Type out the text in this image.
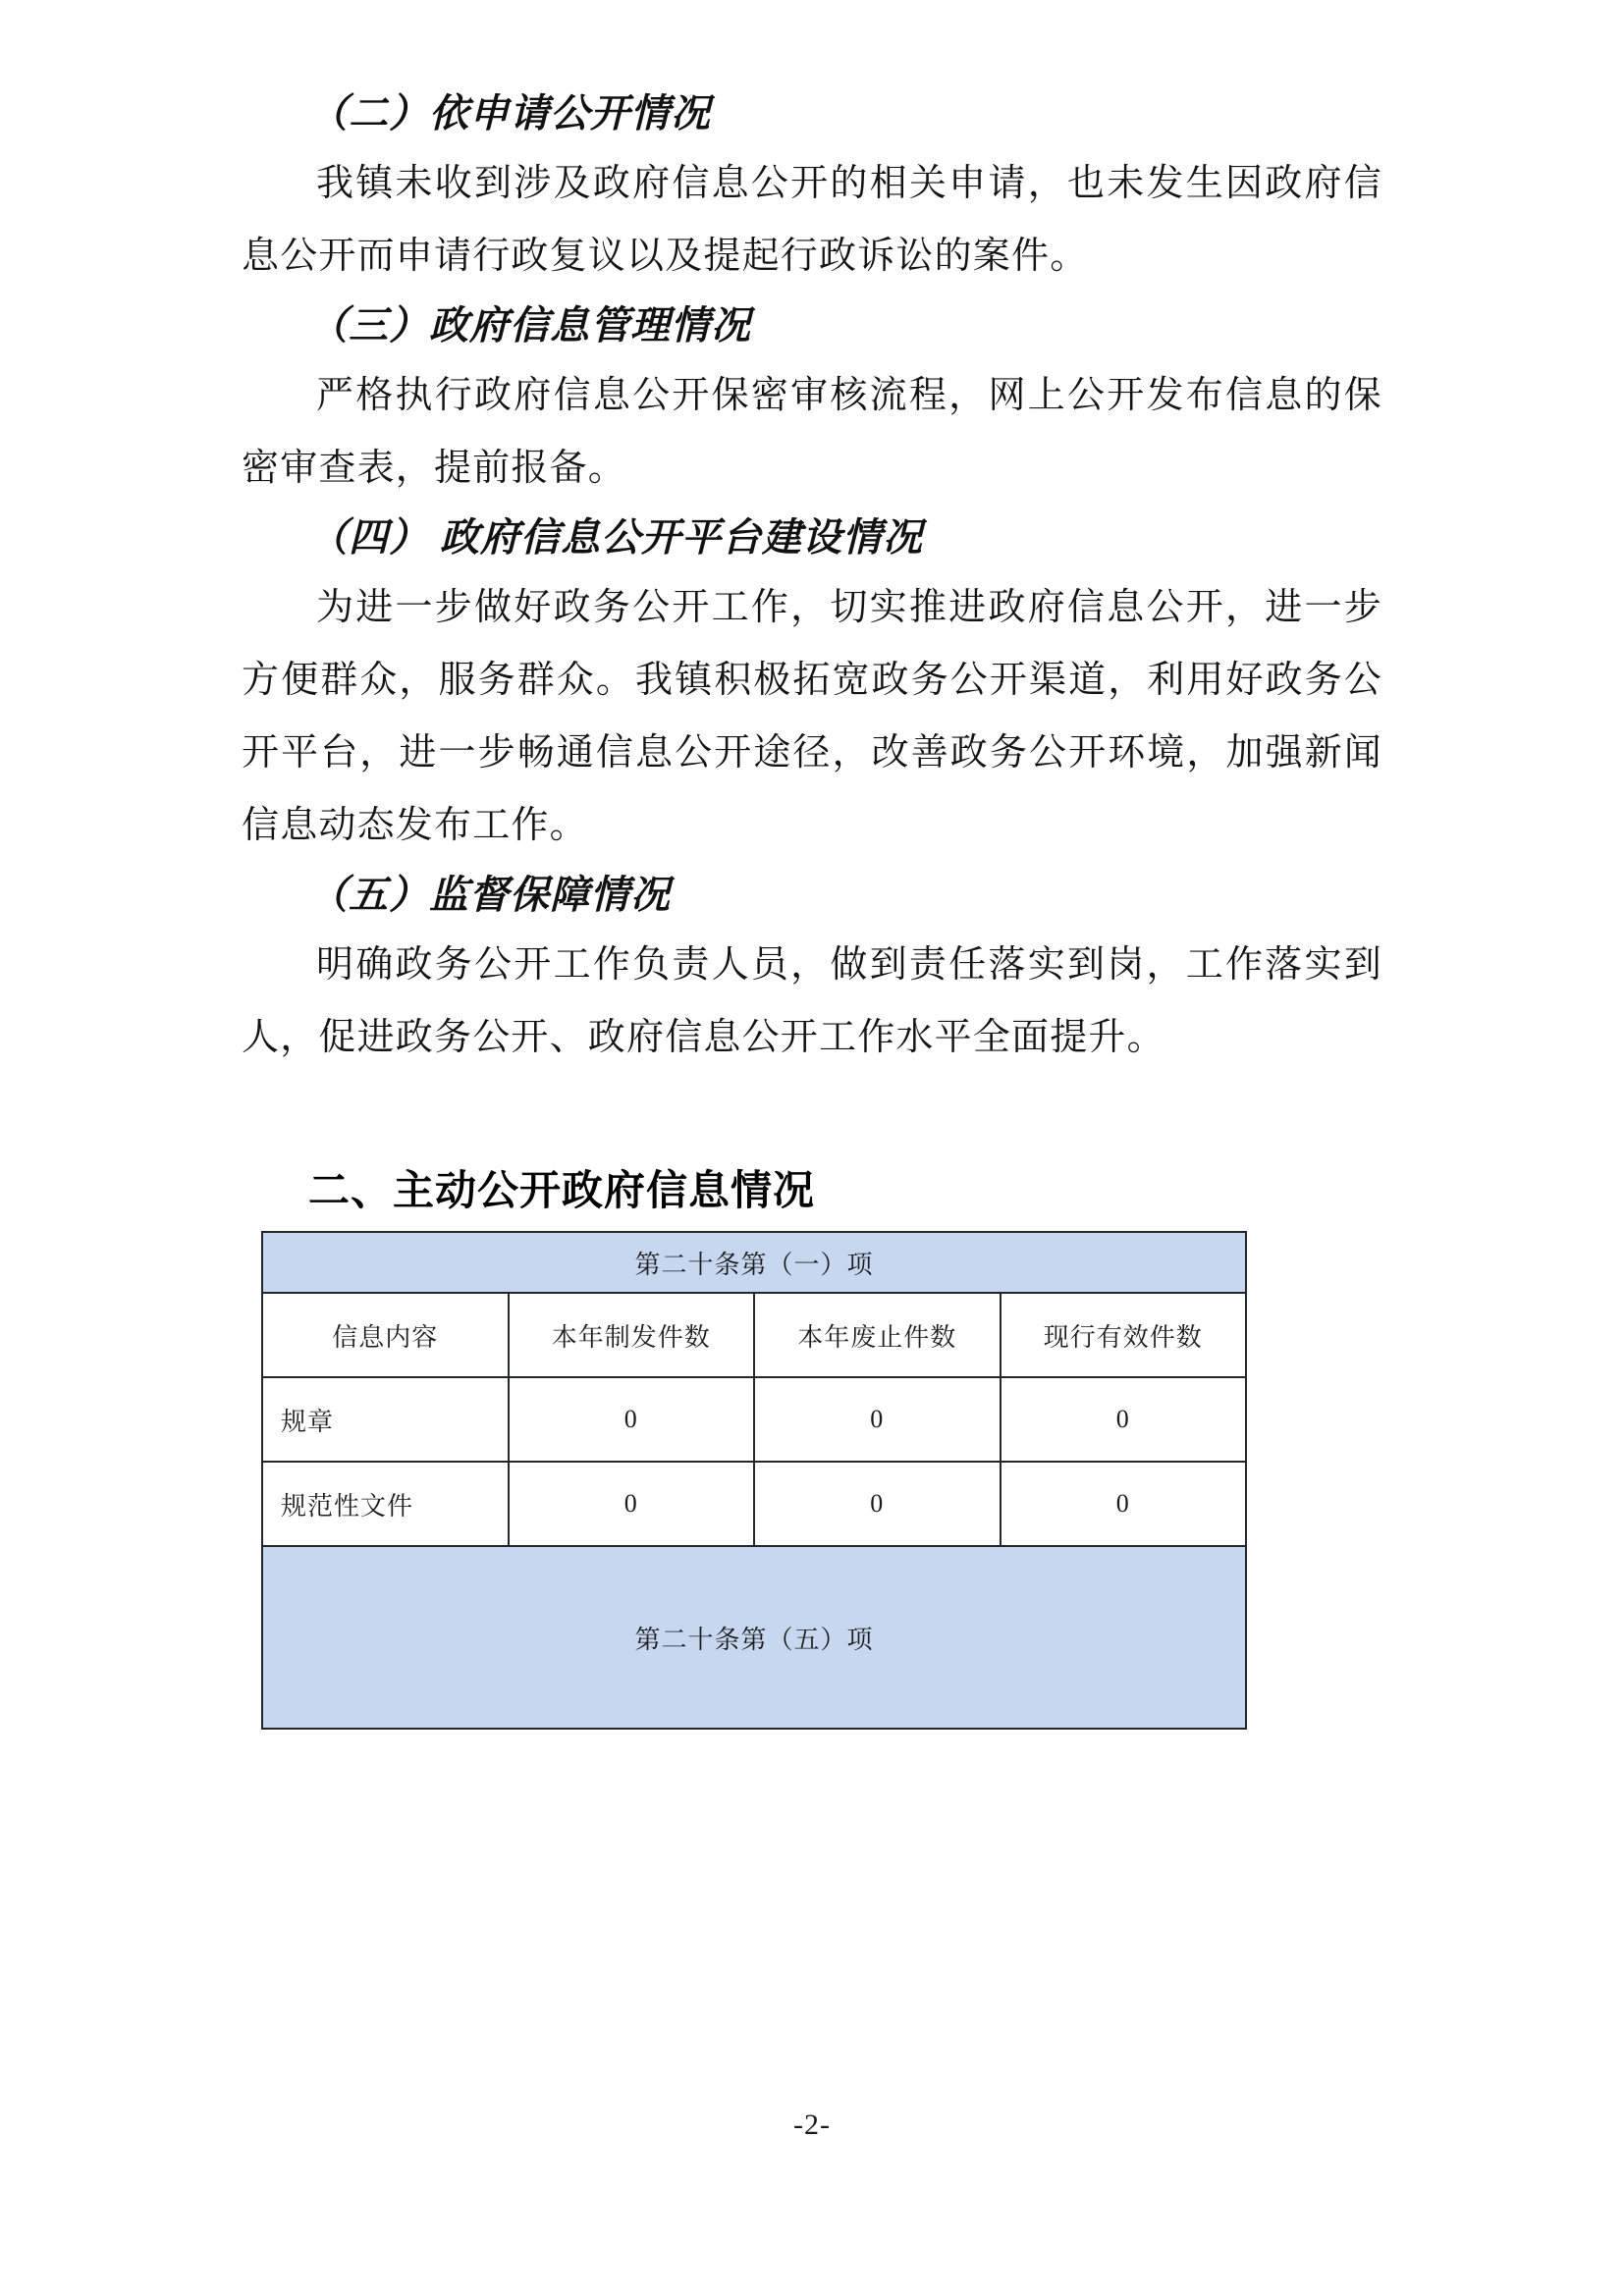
（二）依申请公开情况

我镇未收到涉及政府信息公开的相关申请，也未发生因政府信息公开而申请行政复议以及提起行政诉讼的案件。

（三）政府信息管理情况

严格执行政府信息公开保密审核流程，网上公开发布信息的保密审查表，提前报备。

（四） 政府信息公开平台建设情况

为进一步做好政务公开工作，切实推进政府信息公开，进一步方便群众，服务群众。我镇积极拓宽政务公开渠道，利用好政务公开平台，进一步畅通信息公开途径，改善政务公开环境，加强新闻信息动态发布工作。

（五）监督保障情况

明确政务公开工作负责人员，做到责任落实到岗，工作落实到人，促进政务公开、政府信息公开工作水平全面提升。

二、主动公开政府信息情况
第二十条第（一）项			
信息内容	本年制发件数	本年废止件数	现行有效件数
规章	0	0	0
规范性文件	0	0	0
第二十条第（五）项			
-2-
